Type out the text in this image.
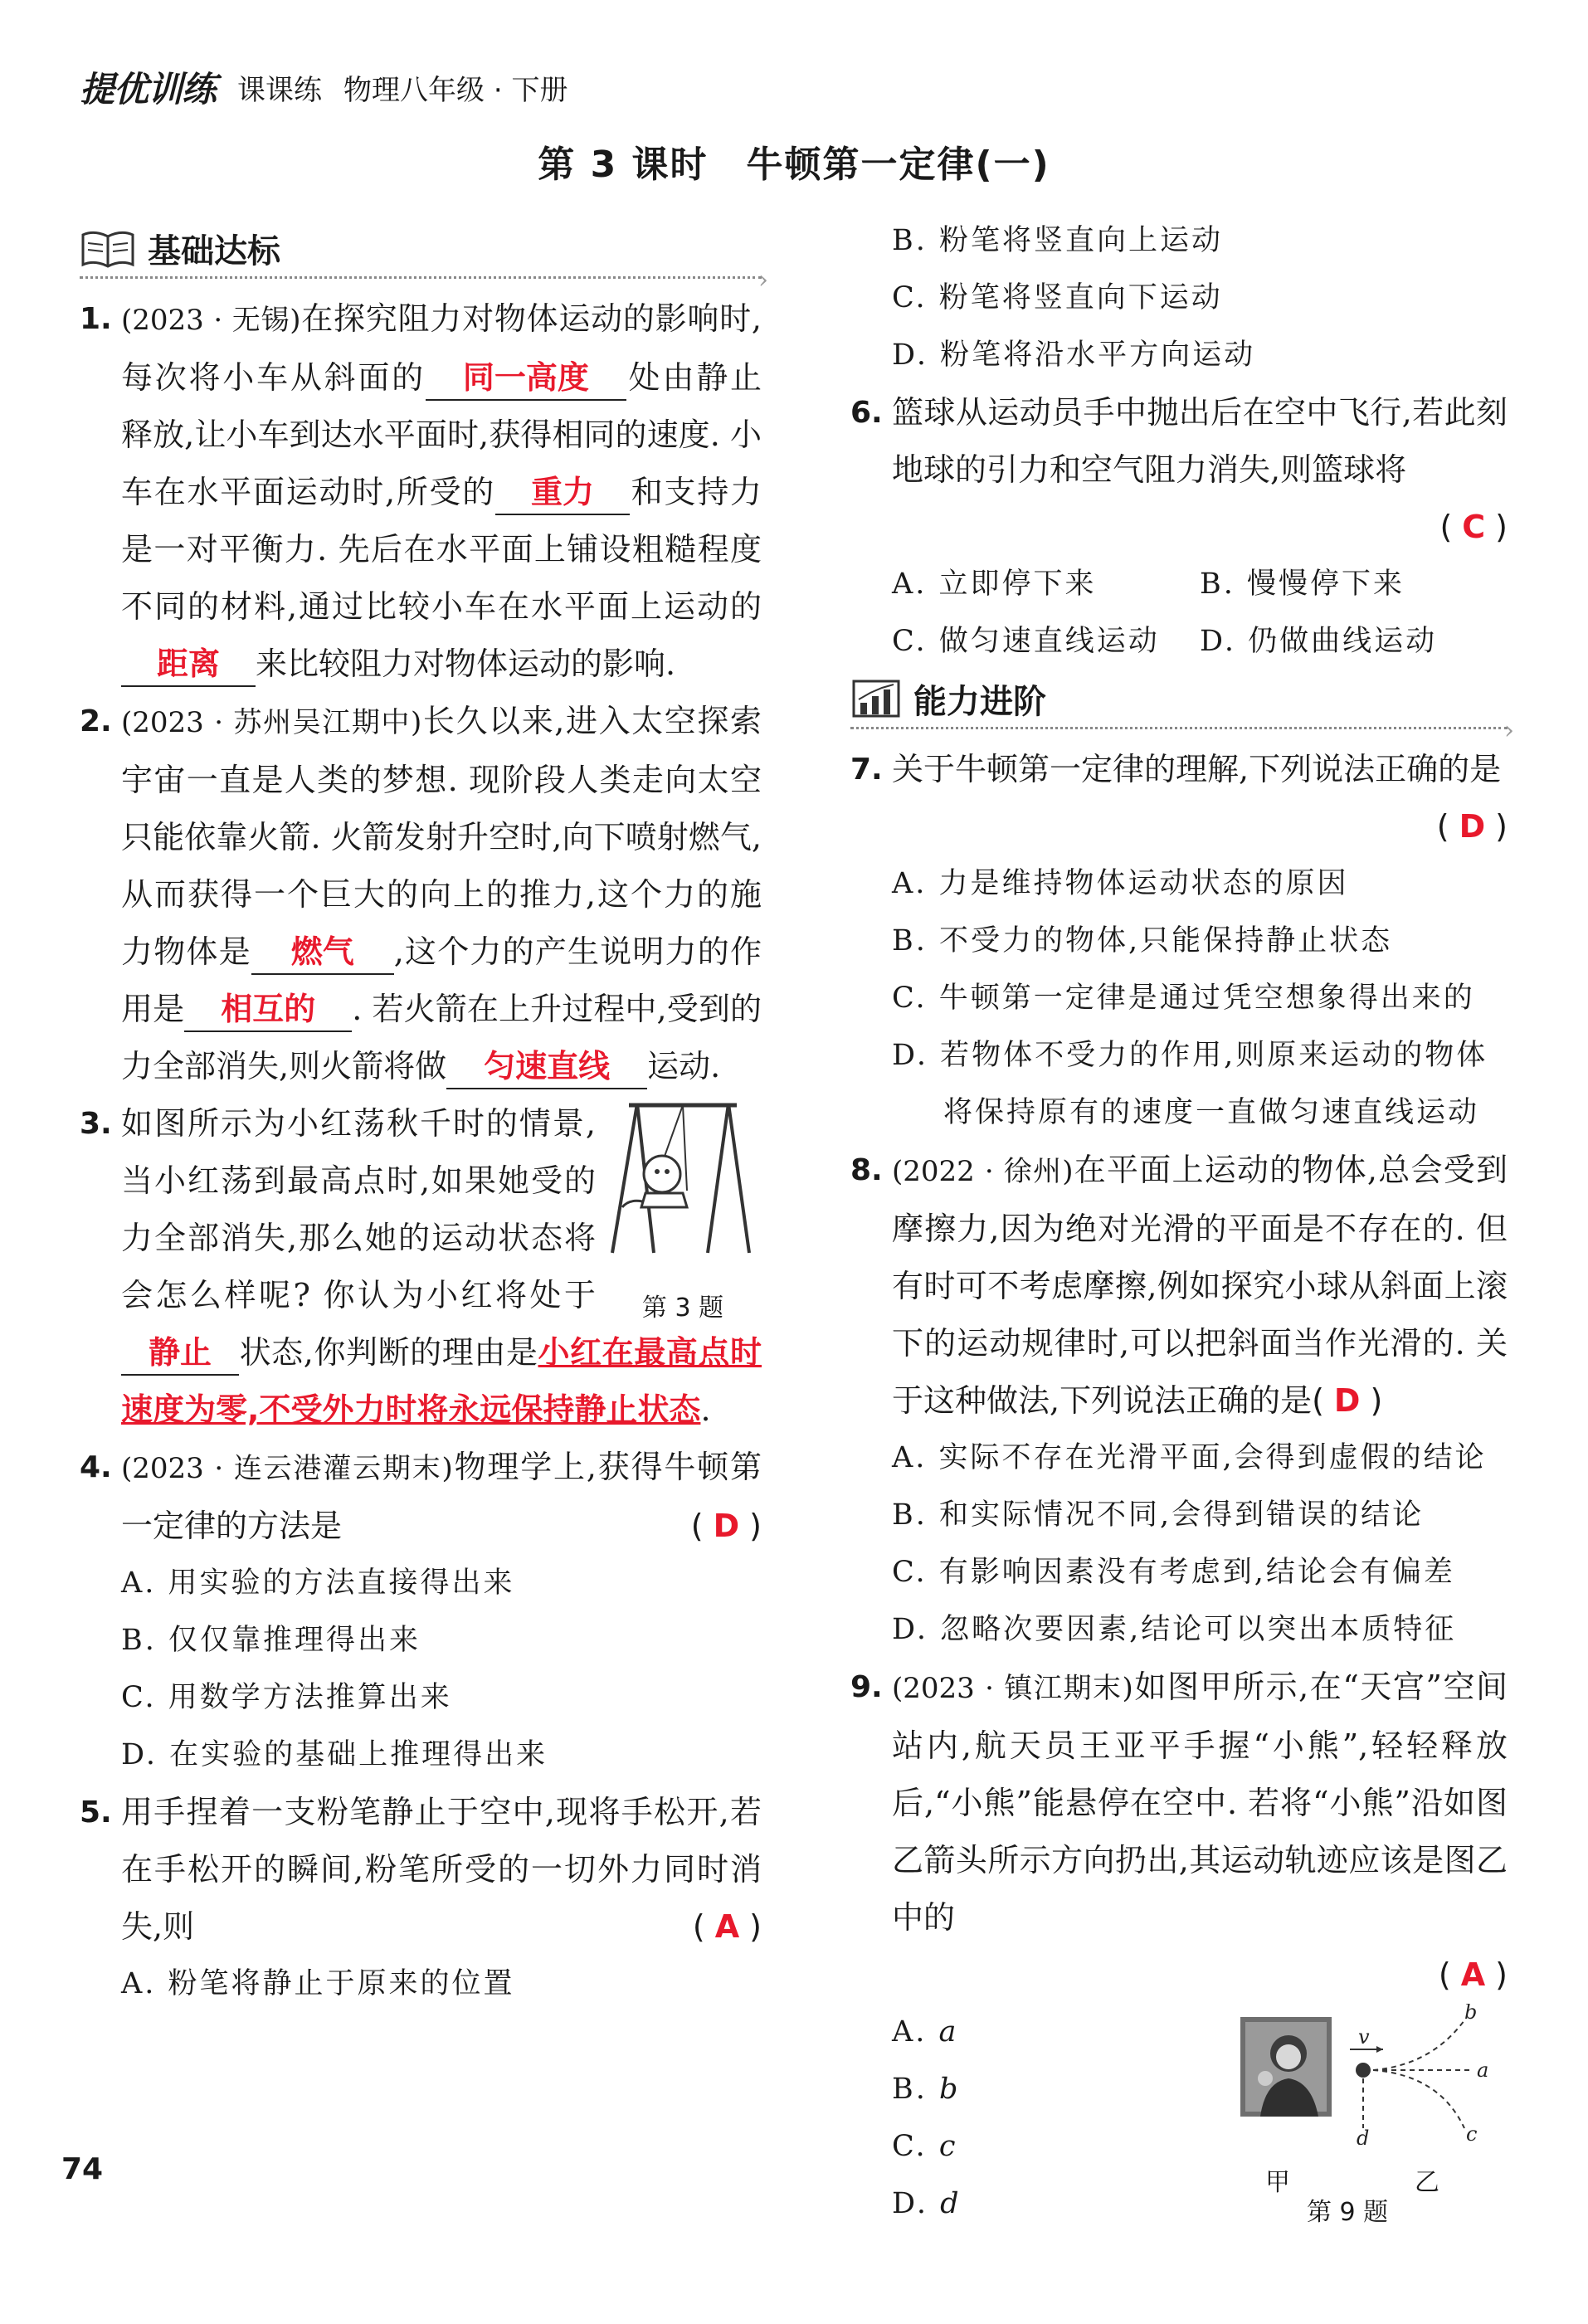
提优训练 课课练 物理八年级 · 下册
第 3 课时　牛顿第一定律(一)
基础达标
›
1. (2023 · 无锡)在探究阻力对物体运动的影响时,每次将小车从斜面的 同一高度 处由静止释放,让小车到达水平面时,获得相同的速度. 小车在水平面运动时,所受的 重力 和支持力是一对平衡力. 先后在水平面上铺设粗糙程度不同的材料,通过比较小车在水平面上运动的距离 来比较阻力对物体运动的影响.
2. (2023 · 苏州吴江期中)长久以来,进入太空探索宇宙一直是人类的梦想. 现阶段人类走向太空只能依靠火箭. 火箭发射升空时,向下喷射燃气,从而获得一个巨大的向上的推力,这个力的施力物体是 燃气 ,这个力的产生说明力的作用是 相互的 . 若火箭在上升过程中,受到的力全部消失,则火箭将做 匀速直线 运动.
3.
第 3 题
如图所示为小红荡秋千时的情景,当小红荡到最高点时,如果她受的力全部消失,那么她的运动状态将会怎么样呢? 你认为小红将处于静止 状态,你判断的理由是小红在最高点时速度为零,不受外力时将永远保持静止状态.
4. (2023 · 连云港灌云期末)物理学上,获得牛顿第一定律的方法是	( D )
A. 用实验的方法直接得出来
B. 仅仅靠推理得出来
C. 用数学方法推算出来
D. 在实验的基础上推理得出来
5. 用手捏着一支粉笔静止于空中,现将手松开,若在手松开的瞬间,粉笔所受的一切外力同时消失,则	( A )
A. 粉笔将静止于原来的位置
B. 粉笔将竖直向上运动
C. 粉笔将竖直向下运动
D. 粉笔将沿水平方向运动
6. 篮球从运动员手中抛出后在空中飞行,若此刻地球的引力和空气阻力消失,则篮球将
( C )
A. 立即停下来	B. 慢慢停下来
C. 做匀速直线运动	D. 仍做曲线运动
能力进阶
›
7. 关于牛顿第一定律的理解,下列说法正确的是
( D )
A. 力是维持物体运动状态的原因
B. 不受力的物体,只能保持静止状态
C. 牛顿第一定律是通过凭空想象得出来的
D. 若物体不受力的作用,则原来运动的物体
将保持原有的速度一直做匀速直线运动
8. (2022 · 徐州)在平面上运动的物体,总会受到摩擦力,因为绝对光滑的平面是不存在的. 但有时可不考虑摩擦,例如探究小球从斜面上滚下的运动规律时,可以把斜面当作光滑的. 关于这种做法,下列说法正确的是( D )
A. 实际不存在光滑平面,会得到虚假的结论
B. 和实际情况不同,会得到错误的结论
C. 有影响因素没有考虑到,结论会有偏差
D. 忽略次要因素,结论可以突出本质特征
9. (2023 · 镇江期末)如图甲所示,在“天宫”空间站内,航天员王亚平手握“小熊”,轻轻释放后,“小熊”能悬停在空中. 若将“小熊”沿如图乙箭头所示方向扔出,其运动轨迹应该是图乙中的
( A )
A. a
B. b
C. c
D. d
v
a
b
c
d
甲	乙
第 9 题
74
